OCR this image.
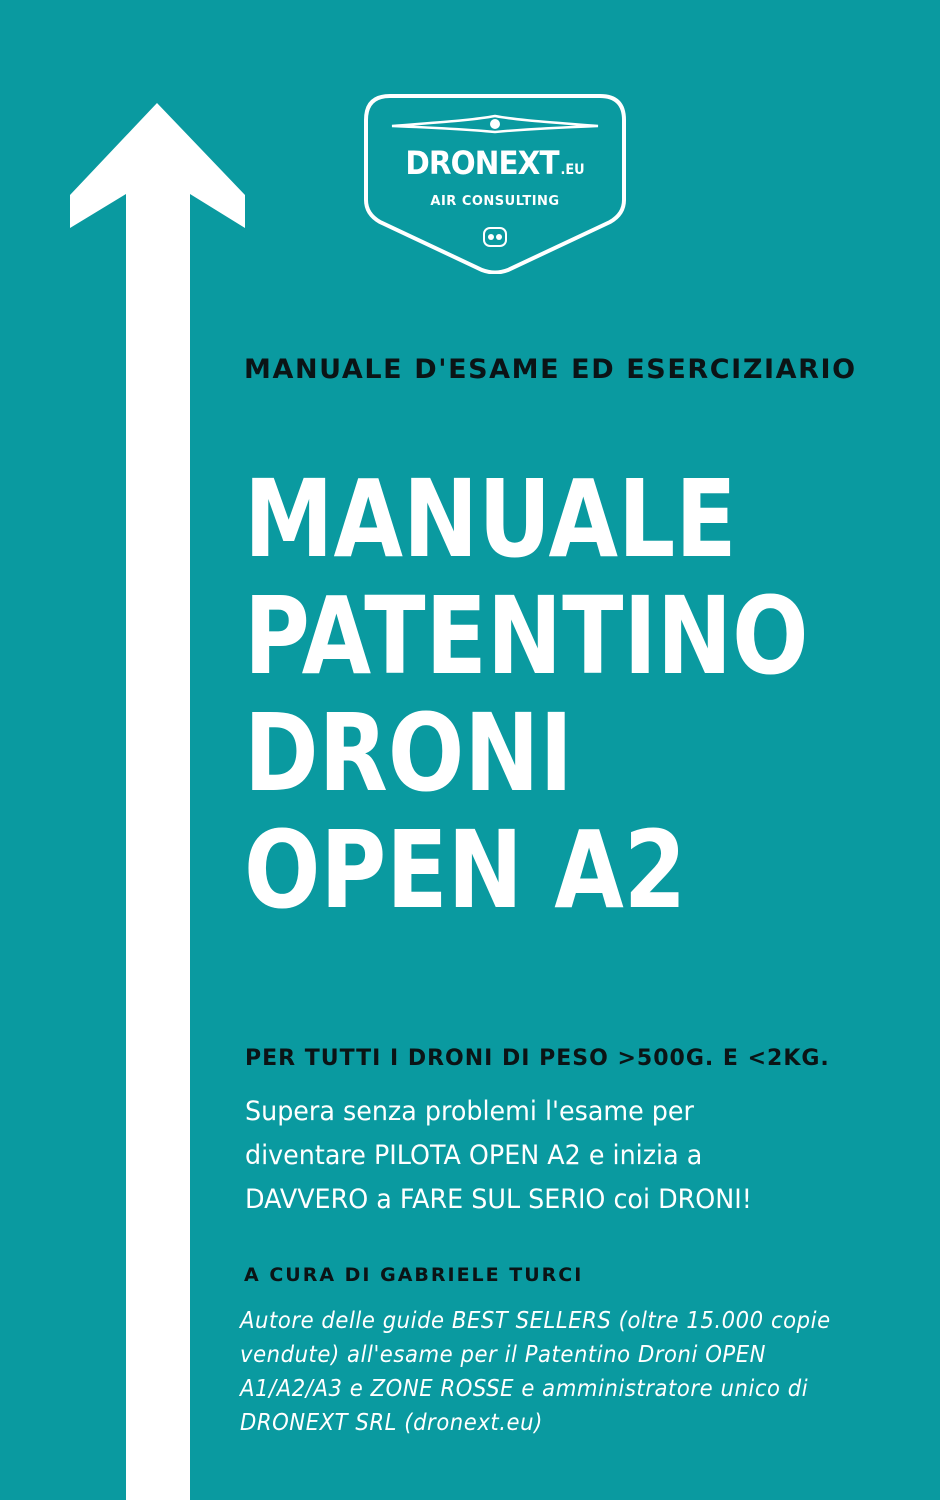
DRONEXT .EU
AIR CONSULTING
MANUALE D'ESAME ED ESERCIZIARIO
MANUALE
PATENTINO
DRONI
OPEN A2
PER TUTTI I DRONI DI PESO >500G. E <2KG.
Supera senza problemi l'esame per
diventare PILOTA OPEN A2 e inizia a
DAVVERO a FARE SUL SERIO coi DRONI!
A CURA DI GABRIELE TURCI
Autore delle guide BEST SELLERS (oltre 15.000 copie
vendute) all'esame per il Patentino Droni OPEN
A1/A2/A3 e ZONE ROSSE e amministratore unico di
DRONEXT SRL (dronext.eu)
